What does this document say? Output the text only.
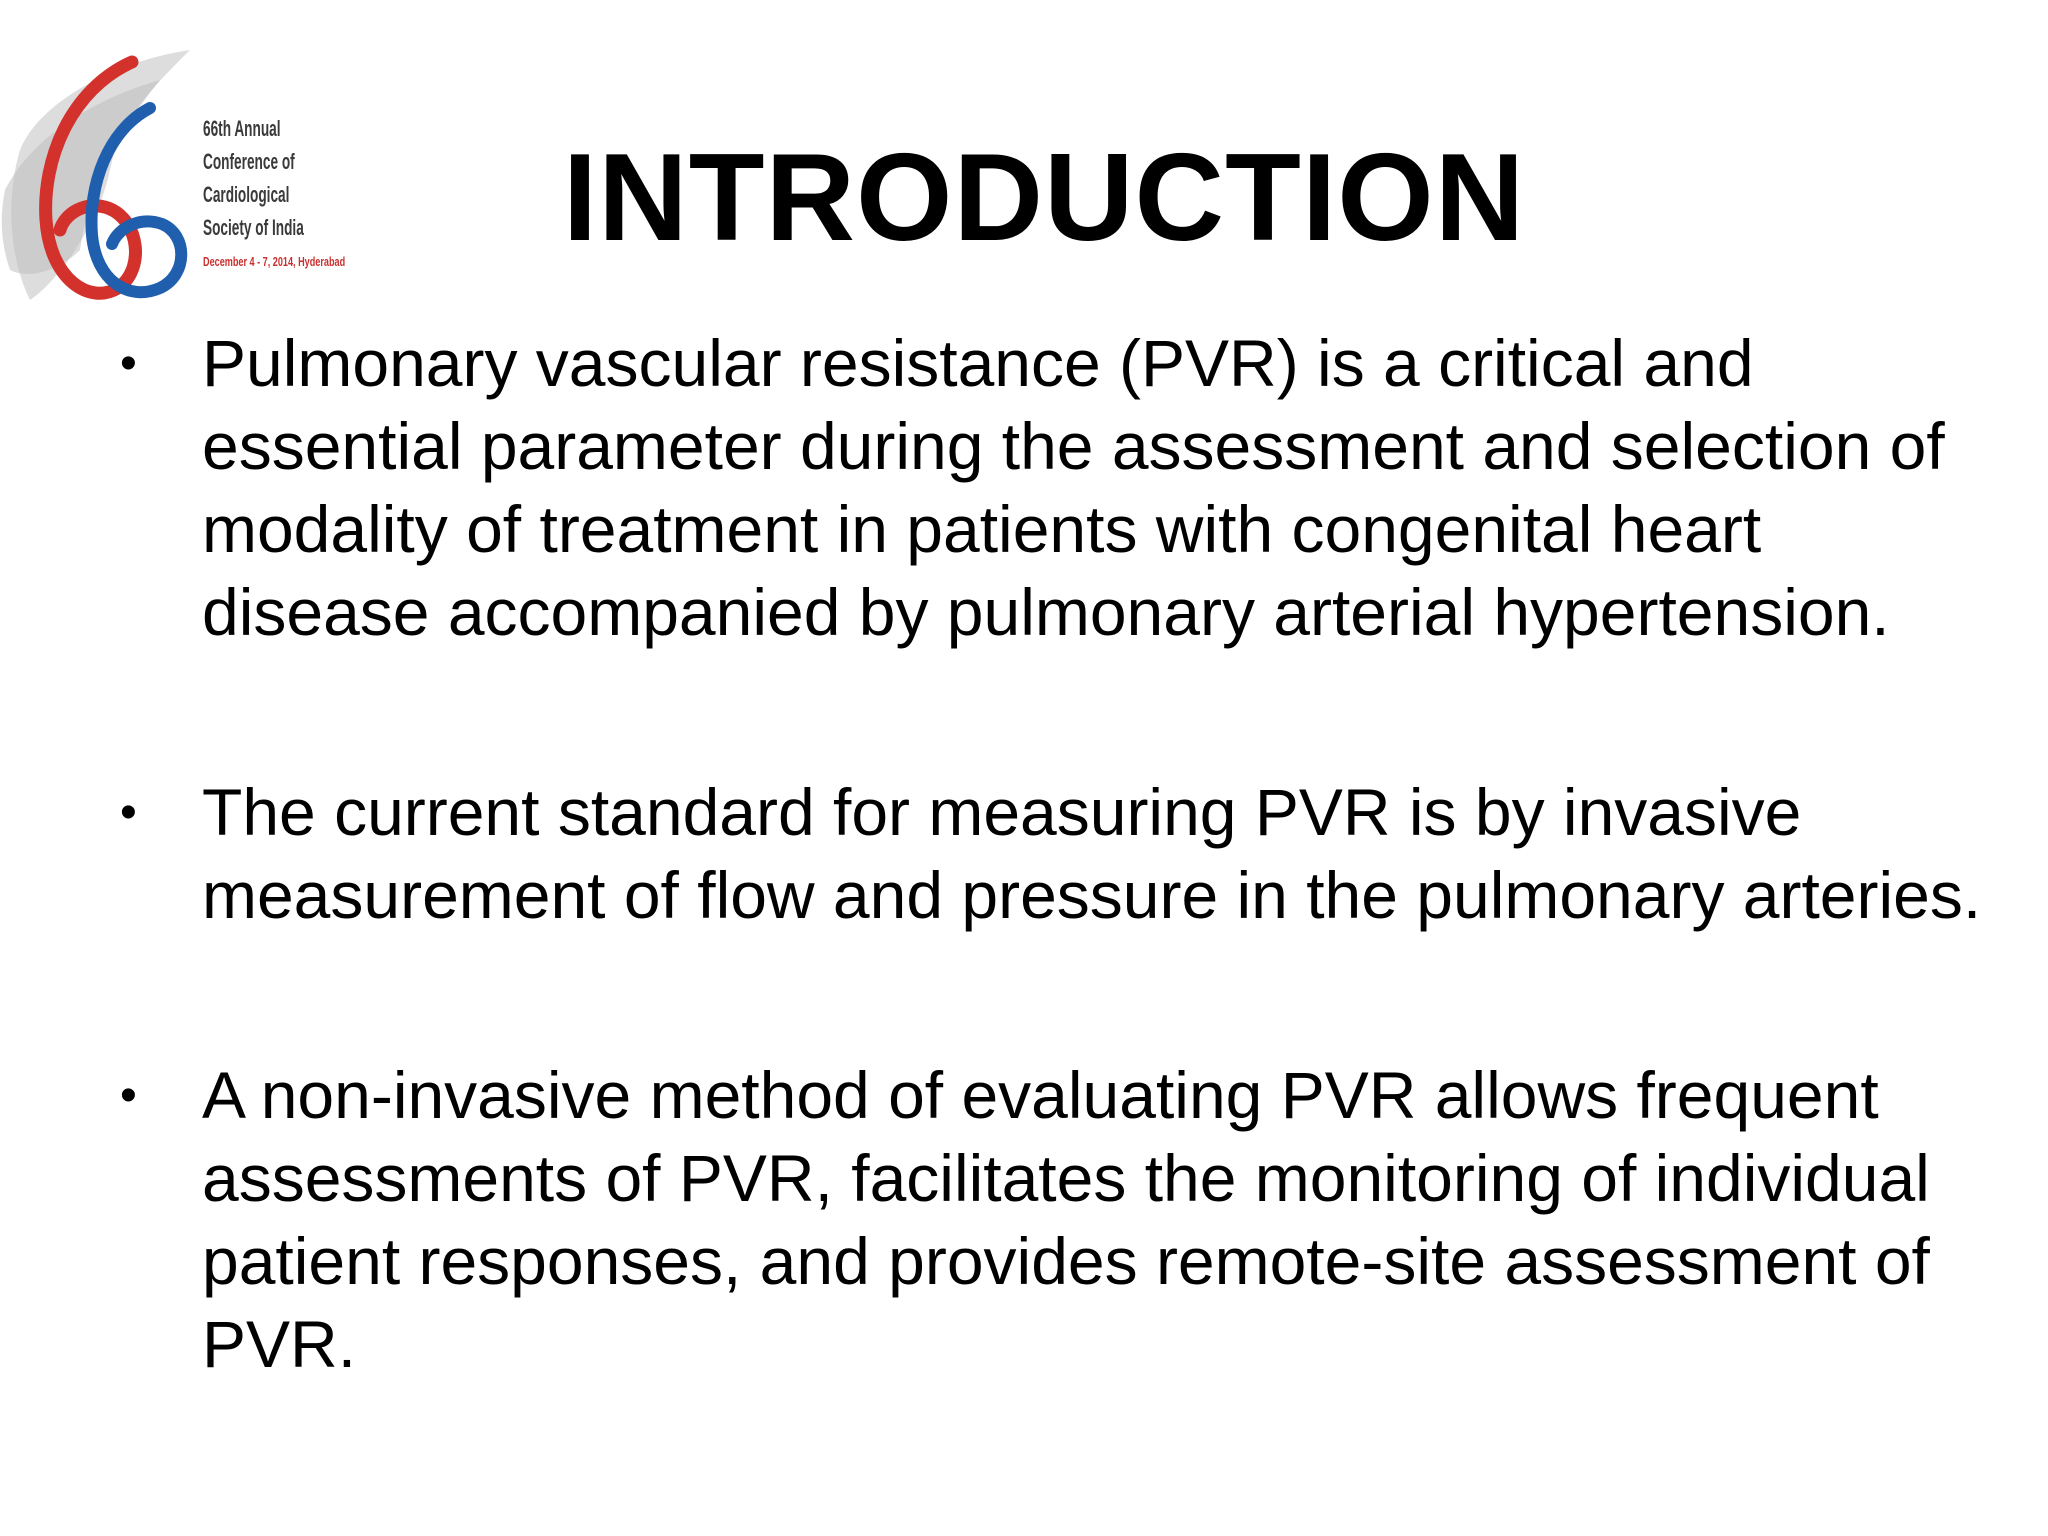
66th Annual
Conference of
Cardiological
Society of India
December 4 - 7, 2014, Hyderabad	INTRODUCTION
• Pulmonary vascular resistance (PVR) is a critical and essential parameter during the assessment and selection of modality of treatment in patients with congenital heart disease accompanied by pulmonary arterial hypertension.
• The current standard for measuring PVR is by invasive measurement of flow and pressure in the pulmonary arteries.
• A non-invasive method of evaluating PVR allows frequent assessments of PVR, facilitates the monitoring of individual patient responses, and provides remote-site assessment of PVR.
